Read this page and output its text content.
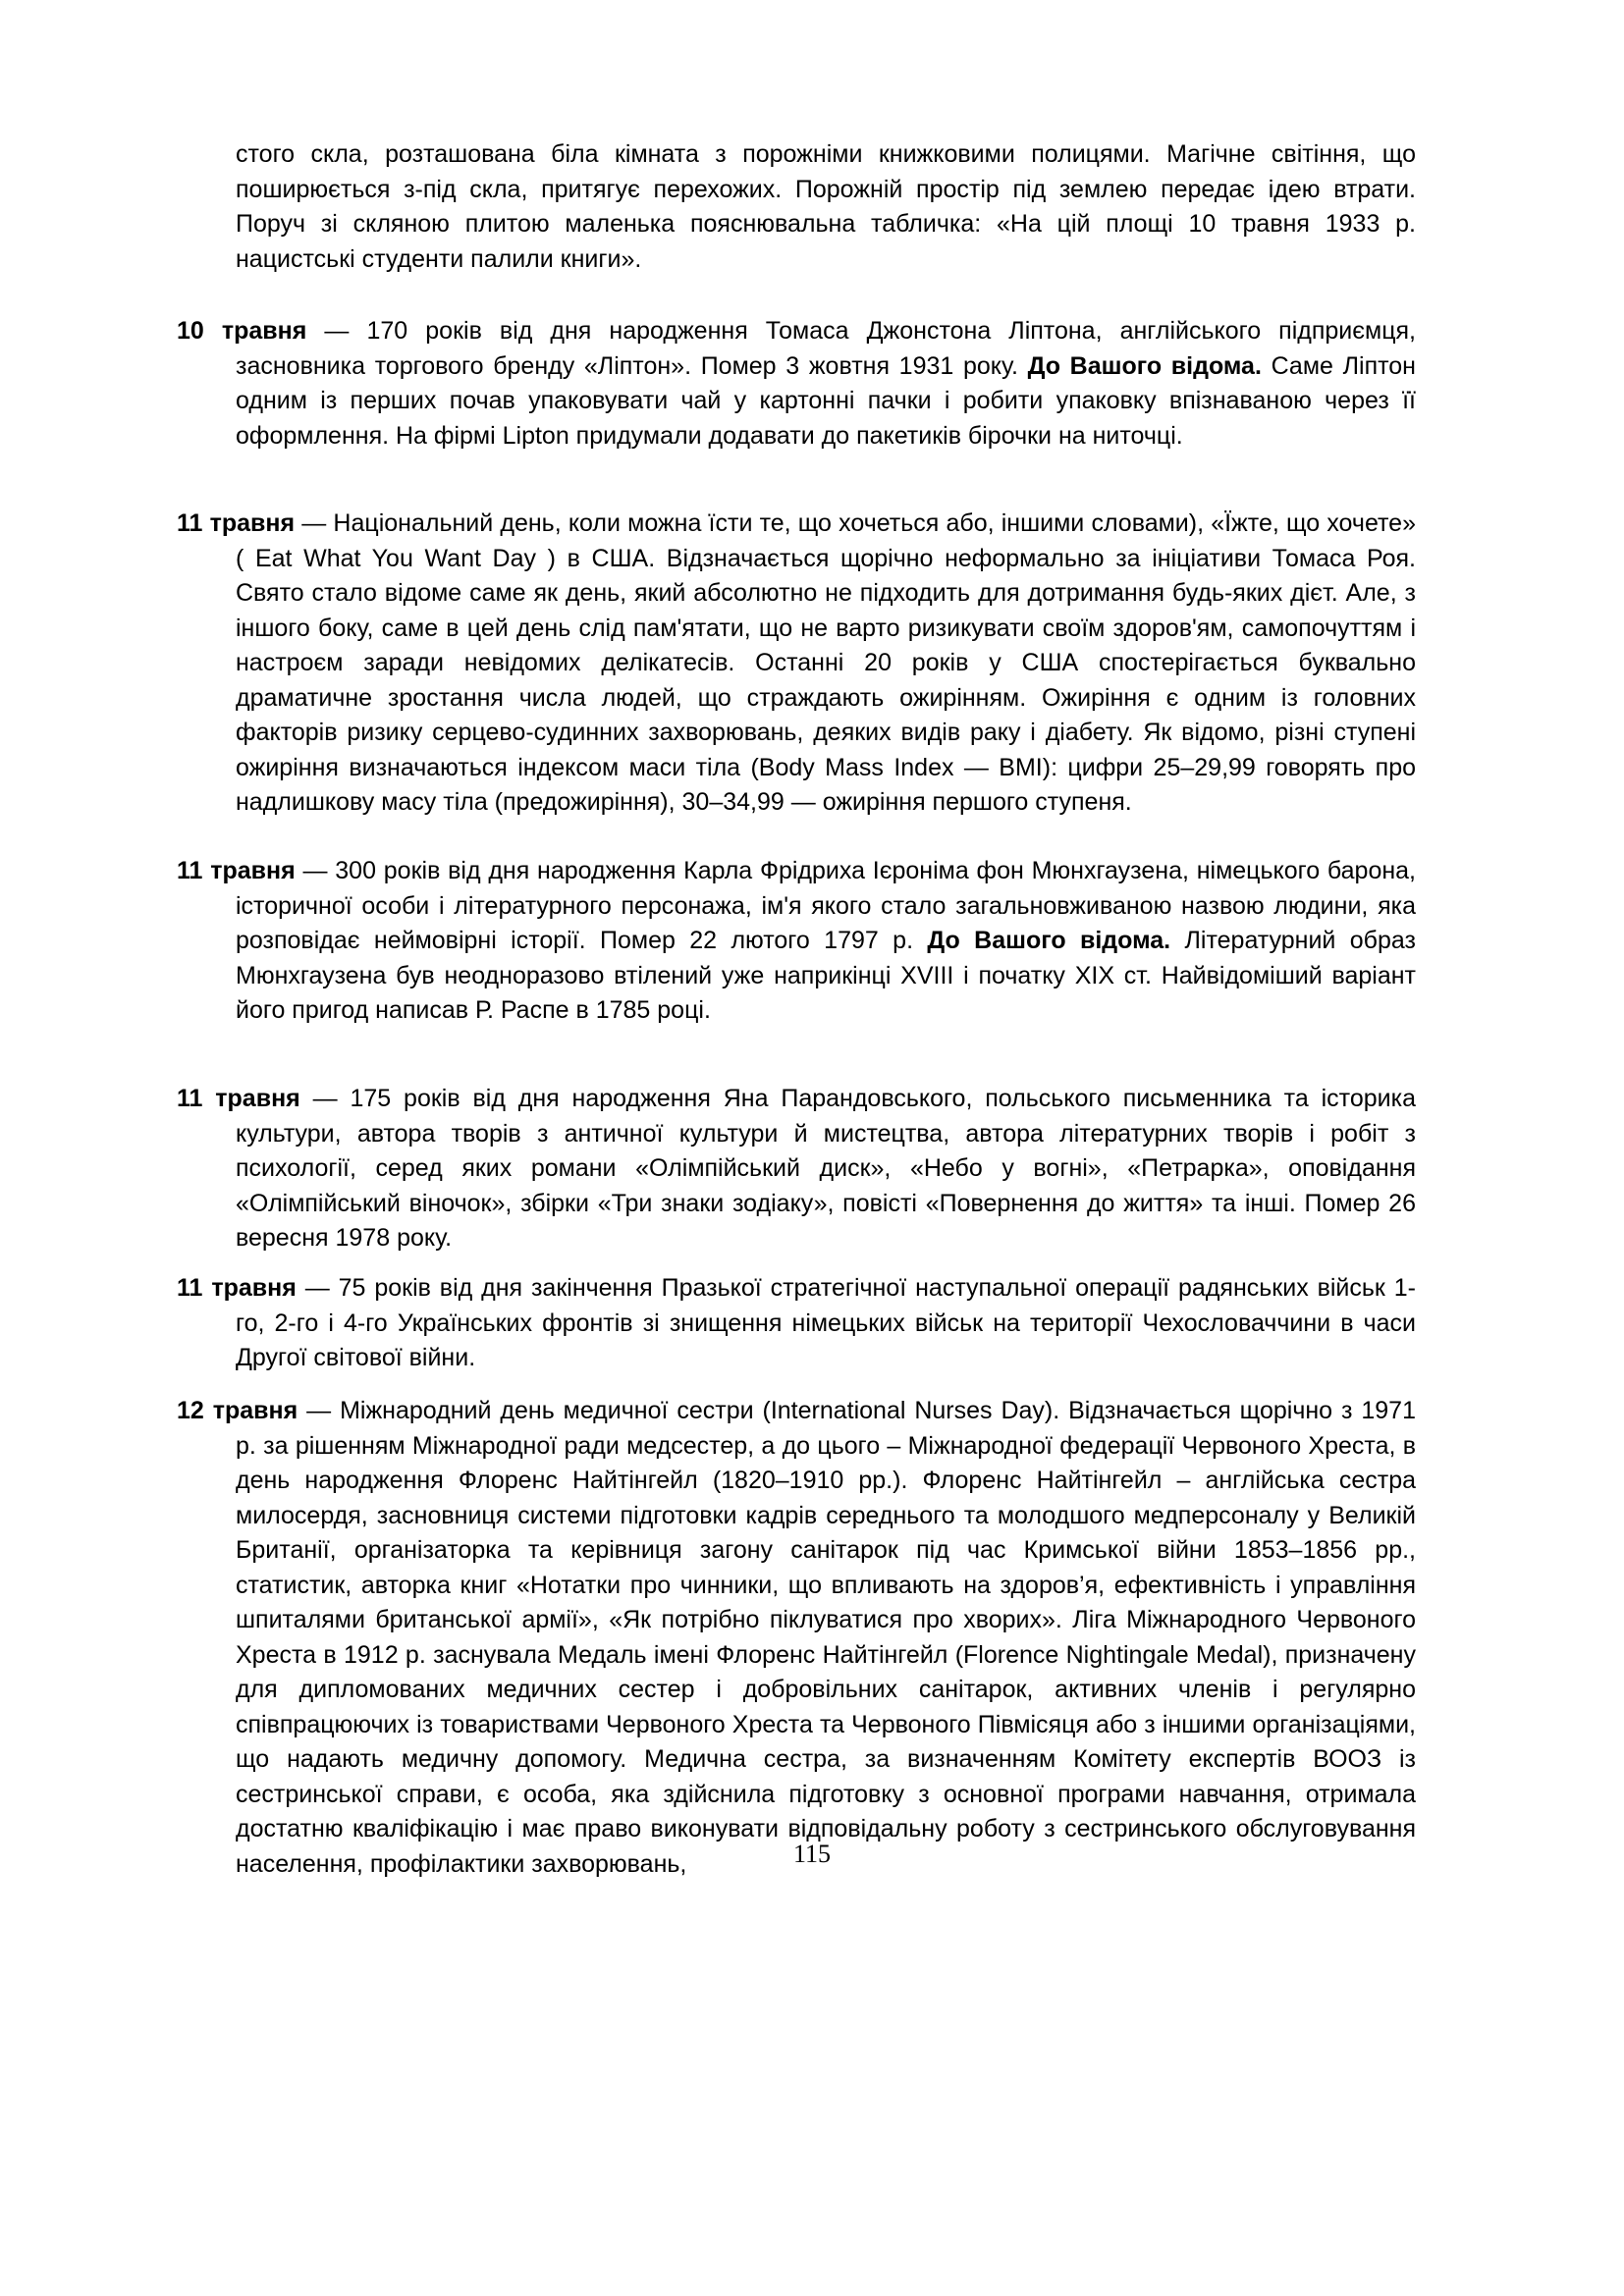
стого скла, розташована біла кімната з порожніми книжковими полицями. Магічне світіння, що поширюється з-під скла, притягує перехожих. Порожній простір під землею передає ідею втрати. Поруч зі скляною плитою маленька пояснювальна табличка: «На цій площі 10 травня 1933 р. нацистські студенти палили книги».

10 травня — 170 років від дня народження Томаса Джонстона Ліптона, англійського підприємця, засновника торгового бренду «Ліптон». Помер 3 жовтня 1931 року. До Вашого відома. Саме Ліптон одним із перших почав упаковувати чай у картонні пачки і робити упаковку впізнаваною через її оформлення. На фірмі Lipton придумали додавати до пакетиків бірочки на ниточці.

11 травня — Національний день, коли можна їсти те, що хочеться або, іншими словами), «Їжте, що хочете» ( Eat What You Want Day ) в США. Відзначається щорічно неформально за ініціативи Томаса Роя. Свято стало відоме саме як день, який абсолютно не підходить для дотримання будь-яких дієт. Але, з іншого боку, саме в цей день слід пам'ятати, що не варто ризикувати своїм здоров'ям, самопочуттям і настроєм заради невідомих делікатесів. Останні 20 років у США спостерігається буквально драматичне зростання числа людей, що страждають ожирінням. Ожиріння є одним із головних факторів ризику серцево-судинних захворювань, деяких видів раку і діабету. Як відомо, різні ступені ожиріння визначаються індексом маси тіла (Body Mass Index — BMI): цифри 25–29,99 говорять про надлишкову масу тіла (предожиріння), 30–34,99 — ожиріння першого ступеня.

11 травня — 300 років від дня народження Карла Фрідриха Ієроніма фон Мюнхгаузена, німецького барона, історичної особи і літературного персонажа, ім'я якого стало загальновживаною назвою людини, яка розповідає неймовірні історії. Помер 22 лютого 1797 р. До Вашого відома. Літературний образ Мюнхгаузена був неодноразово втілений уже наприкінці XVIII і початку XIX ст. Найвідоміший варіант його пригод написав Р. Распе в 1785 році.

11 травня — 175 років від дня народження Яна Парандовського, польського письменника та історика культури, автора творів з античної культури й мистецтва, автора літературних творів і робіт з психології, серед яких романи «Олімпійський диск», «Небо у вогні», «Петрарка», оповідання «Олімпійський віночок», збірки «Три знаки зодіаку», повісті «Повернення до життя» та інші. Помер 26 вересня 1978 року.

11 травня — 75 років від дня закінчення Празької стратегічної наступальної операції радянських військ 1-го, 2-го і 4-го Українських фронтів зі знищення німецьких військ на території Чехословаччини в часи Другої світової війни.

12 травня — Міжнародний день медичної сестри (International Nurses Day). Відзначається щорічно з 1971 р. за рішенням Міжнародної ради медсестер, а до цього – Міжнародної федерації Червоного Хреста, в день народження Флоренс Найтінгейл (1820–1910 рр.). Флоренс Найтінгейл – англійська сестра милосердя, засновниця системи підготовки кадрів середнього та молодшого медперсоналу у Великій Британії, організаторка та керівниця загону санітарок під час Кримської війни 1853–1856 рр., статистик, авторка книг «Нотатки про чинники, що впливають на здоров’я, ефективність і управління шпиталями британської армії», «Як потрібно піклуватися про хворих». Ліга Міжнародного Червоного Хреста в 1912 р. заснувала Медаль імені Флоренс Найтінгейл (Florence Nightingale Medal), призначену для дипломованих медичних сестер і добровільних санітарок, активних членів і регулярно співпрацюючих із товариствами Червоного Хреста та Червоного Півмісяця або з іншими організаціями, що надають медичну допомогу. Медична сестра, за визначенням Комітету експертів ВООЗ із сестринської справи, є особа, яка здійснила підготовку з основної програми навчання, отримала достатню кваліфікацію і має право виконувати відповідальну роботу з сестринського обслуговування населення, профілактики захворювань,	115
